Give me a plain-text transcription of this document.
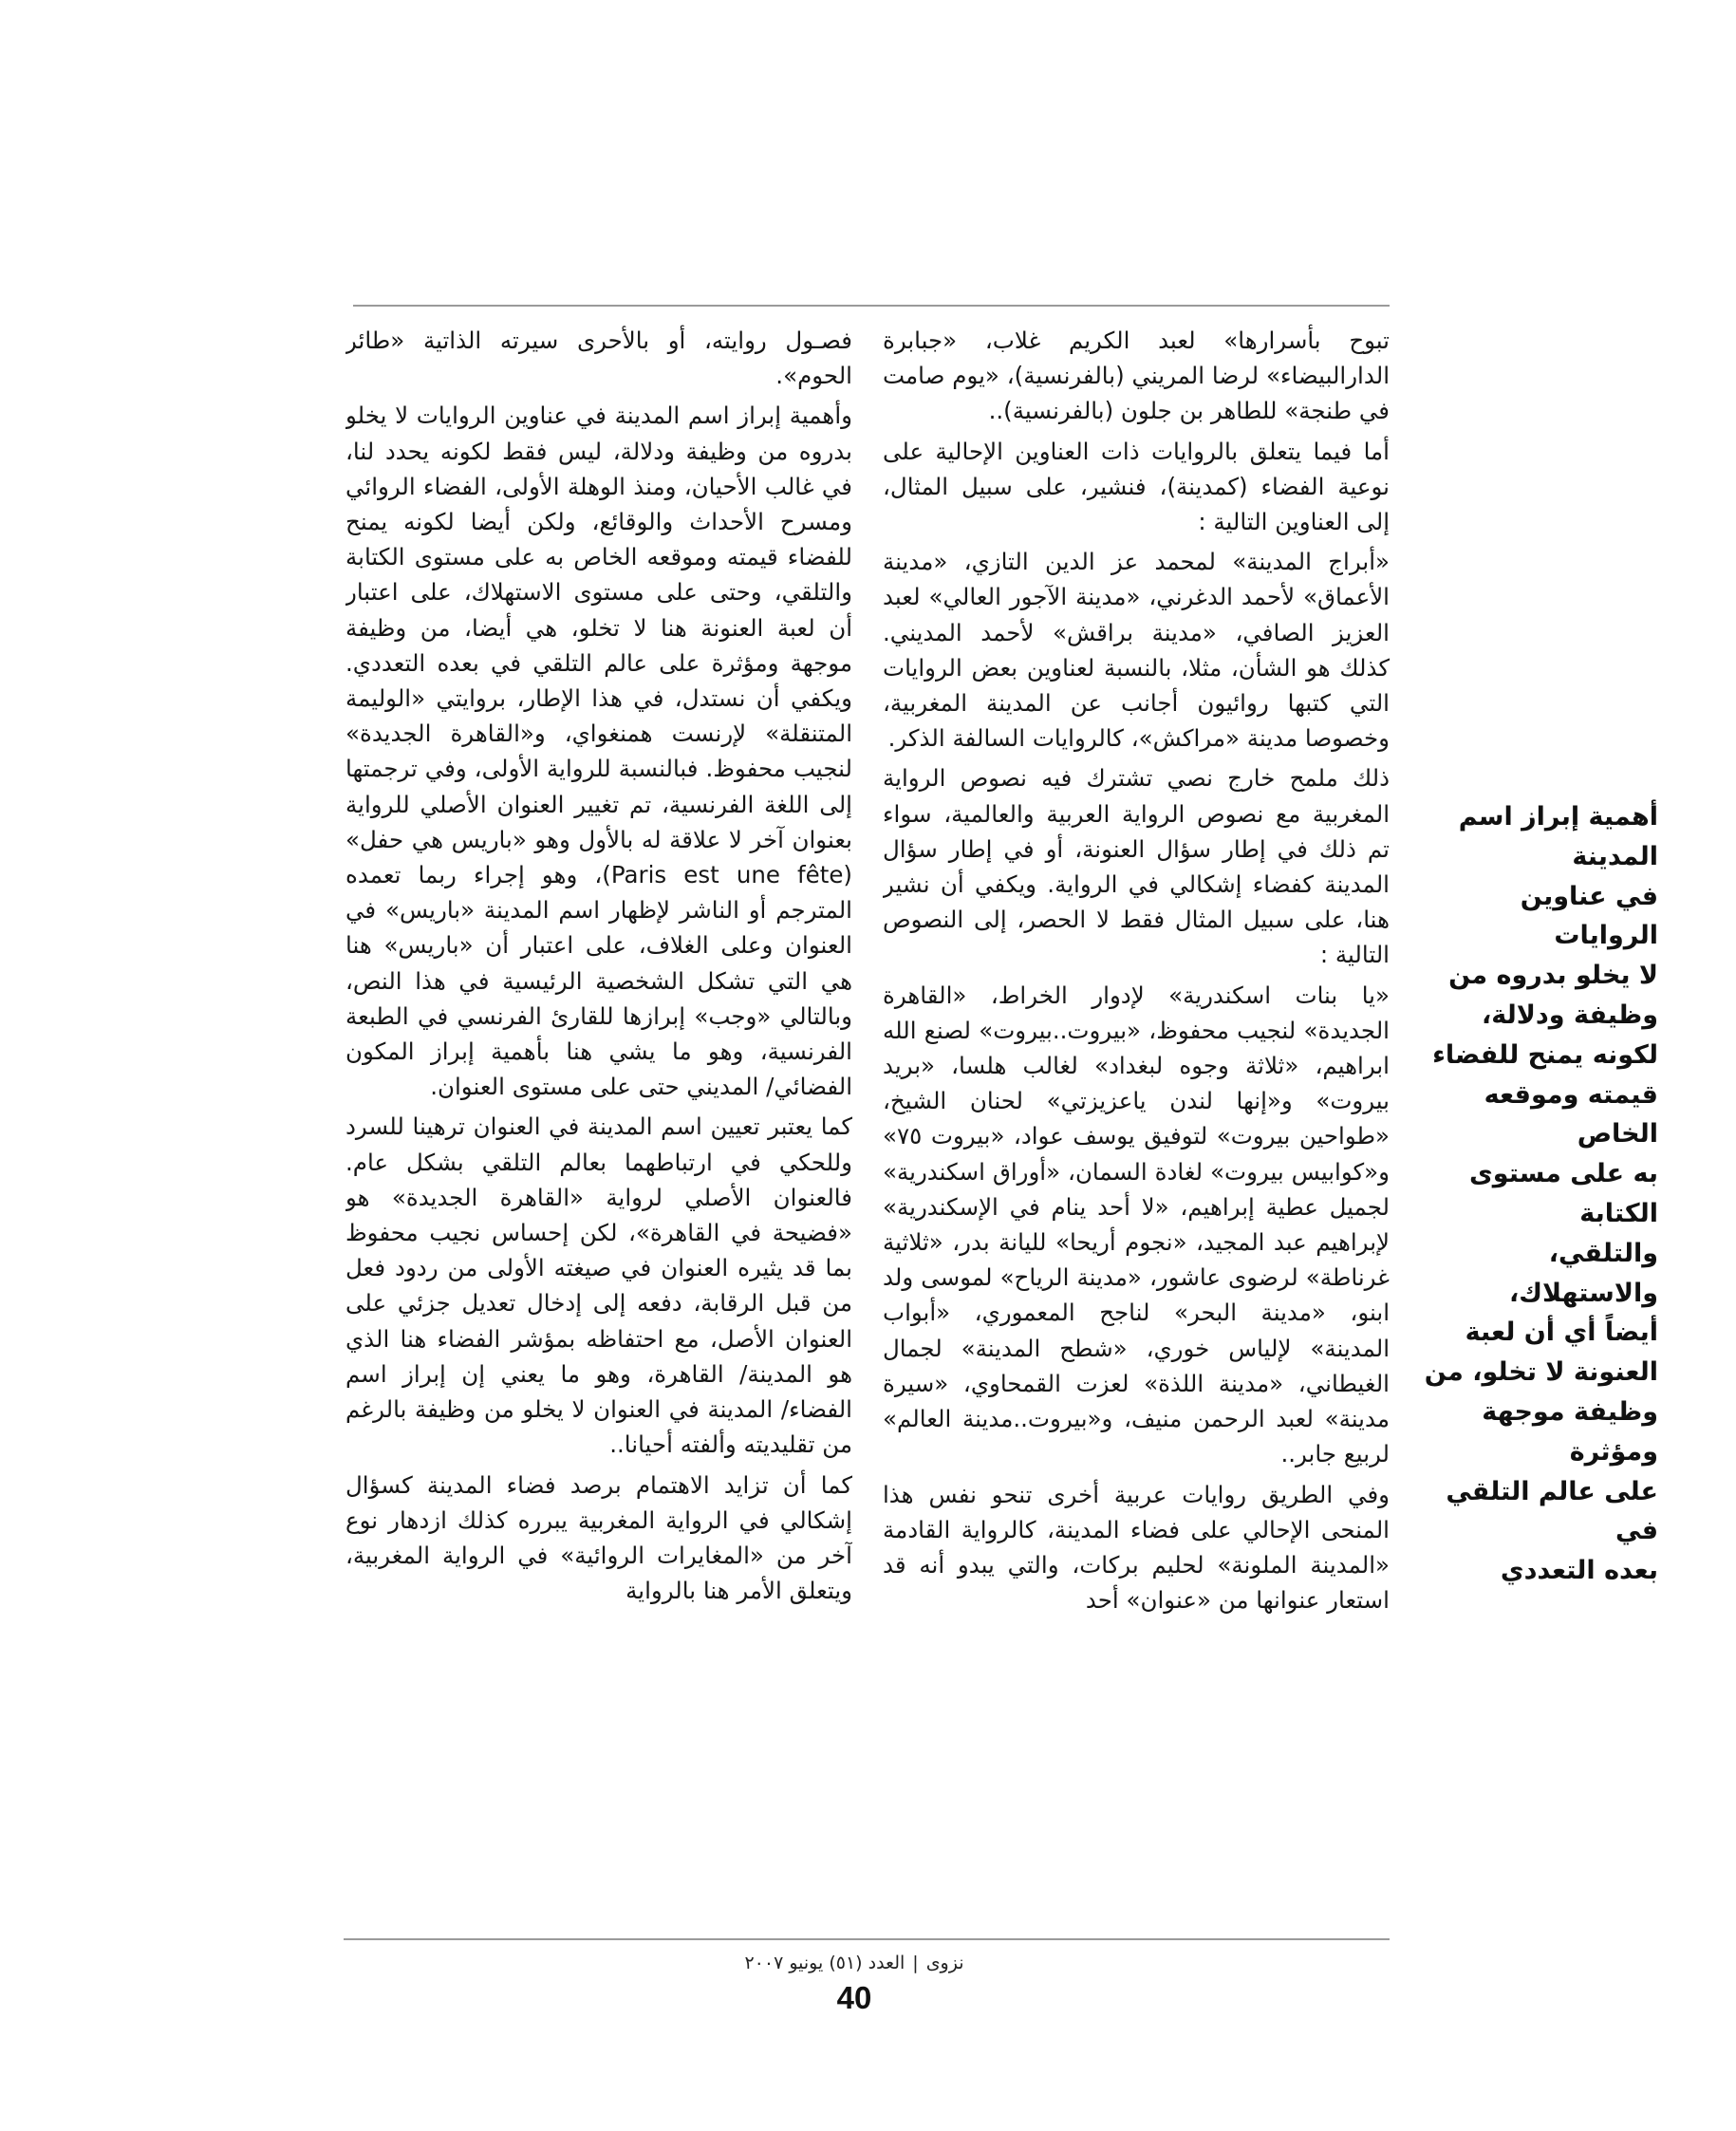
تبوح بأسرارها» لعبد الكريم غلاب، «جبابرة الدارالبيضاء» لرضا المريني (بالفرنسية)، «يوم صامت في طنجة» للطاهر بن جلون (بالفرنسية)..

أما فيما يتعلق بالروايات ذات العناوين الإحالية على نوعية الفضاء (كمدينة)، فنشير، على سبيل المثال، إلى العناوين التالية :

«أبراج المدينة» لمحمد عز الدين التازي، «مدينة الأعماق» لأحمد الدغرني، «مدينة الآجور العالي» لعبد العزيز الصافي، «مدينة براقش» لأحمد المديني. كذلك هو الشأن، مثلا، بالنسبة لعناوين بعض الروايات التي كتبها روائيون أجانب عن المدينة المغربية، وخصوصا مدينة «مراكش»، كالروايات السالفة الذكر.

ذلك ملمح خارج نصي تشترك فيه نصوص الرواية المغربية مع نصوص الرواية العربية والعالمية، سواء تم ذلك في إطار سؤال العنونة، أو في إطار سؤال المدينة كفضاء إشكالي في الرواية. ويكفي أن نشير هنا، على سبيل المثال فقط لا الحصر، إلى النصوص التالية :

«يا بنات اسكندرية» لإدوار الخراط، «القاهرة الجديدة» لنجيب محفوظ، «بيروت..بيروت» لصنع الله ابراهيم، «ثلاثة وجوه لبغداد» لغالب هلسا، «بريد بيروت» و«إنها لندن ياعزيزتي» لحنان الشيخ، «طواحين بيروت» لتوفيق يوسف عواد، «بيروت ٧٥» و«كوابيس بيروت» لغادة السمان، «أوراق اسكندرية» لجميل عطية إبراهيم، «لا أحد ينام في الإسكندرية» لإبراهيم عبد المجيد، «نجوم أريحا» لليانة بدر، «ثلاثية غرناطة» لرضوى عاشور، «مدينة الرياح» لموسى ولد ابنو، «مدينة البحر» لناجح المعموري، «أبواب المدينة» لإلياس خوري، «شطح المدينة» لجمال الغيطاني، «مدينة اللذة» لعزت القمحاوي، «سيرة مدينة» لعبد الرحمن منيف، و«بيروت..مدينة العالم» لربيع جابر..

وفي الطريق روايات عربية أخرى تنحو نفس هذا المنحى الإحالي على فضاء المدينة، كالرواية القادمة «المدينة الملونة» لحليم بركات، والتي يبدو أنه قد استعار عنوانها من «عنوان» أحد

فصـول روايته، أو بالأحرى سيرته الذاتية «طائر الحوم».

وأهمية إبراز اسم المدينة في عناوين الروايات لا يخلو بدروه من وظيفة ودلالة، ليس فقط لكونه يحدد لنا، في غالب الأحيان، ومنذ الوهلة الأولى، الفضاء الروائي ومسرح الأحداث والوقائع، ولكن أيضا لكونه يمنح للفضاء قيمته وموقعه الخاص به على مستوى الكتابة والتلقي، وحتى على مستوى الاستهلاك، على اعتبار أن لعبة العنونة هنا لا تخلو، هي أيضا، من وظيفة موجهة ومؤثرة على عالم التلقي في بعده التعددي. ويكفي أن نستدل، في هذا الإطار، بروايتي «الوليمة المتنقلة» لإرنست همنغواي، و«القاهرة الجديدة» لنجيب محفوظ. فبالنسبة للرواية الأولى، وفي ترجمتها إلى اللغة الفرنسية، تم تغيير العنوان الأصلي للرواية بعنوان آخر لا علاقة له بالأول وهو «باريس هي حفل» (Paris est une fête)، وهو إجراء ربما تعمده المترجم أو الناشر لإظهار اسم المدينة «باريس» في العنوان وعلى الغلاف، على اعتبار أن «باريس» هنا هي التي تشكل الشخصية الرئيسية في هذا النص، وبالتالي «وجب» إبرازها للقارئ الفرنسي في الطبعة الفرنسية، وهو ما يشي هنا بأهمية إبراز المكون الفضائي/ المديني حتى على مستوى العنوان.

كما يعتبر تعيين اسم المدينة في العنوان ترهينا للسرد وللحكي في ارتباطهما بعالم التلقي بشكل عام. فالعنوان الأصلي لرواية «القاهرة الجديدة» هو «فضيحة في القاهرة»، لكن إحساس نجيب محفوظ بما قد يثيره العنوان في صيغته الأولى من ردود فعل من قبل الرقابة، دفعه إلى إدخال تعديل جزئي على العنوان الأصل، مع احتفاظه بمؤشر الفضاء هنا الذي هو المدينة/ القاهرة، وهو ما يعني إن إبراز اسم الفضاء/ المدينة في العنوان لا يخلو من وظيفة بالرغم من تقليديته وألفته أحيانا..

كما أن تزايد الاهتمام برصد فضاء المدينة كسؤال إشكالي في الرواية المغربية يبرره كذلك ازدهار نوع آخر من «المغايرات الروائية» في الرواية المغربية، ويتعلق الأمر هنا بالرواية

أهمية إبراز اسم المدينة
في عناوين الروايات
لا يخلو بدروه من
وظيفة ودلالة،
لكونه يمنح للفضاء
قيمته وموقعه الخاص
به على مستوى الكتابة
والتلقي، والاستهلاك،
أيضاً أي أن لعبة
العنونة لا تخلو، من
وظيفة موجهة ومؤثرة
على عالم التلقي في
بعده التعددي
نزوى|العدد (٥١) يونيو ٢٠٠٧
40
